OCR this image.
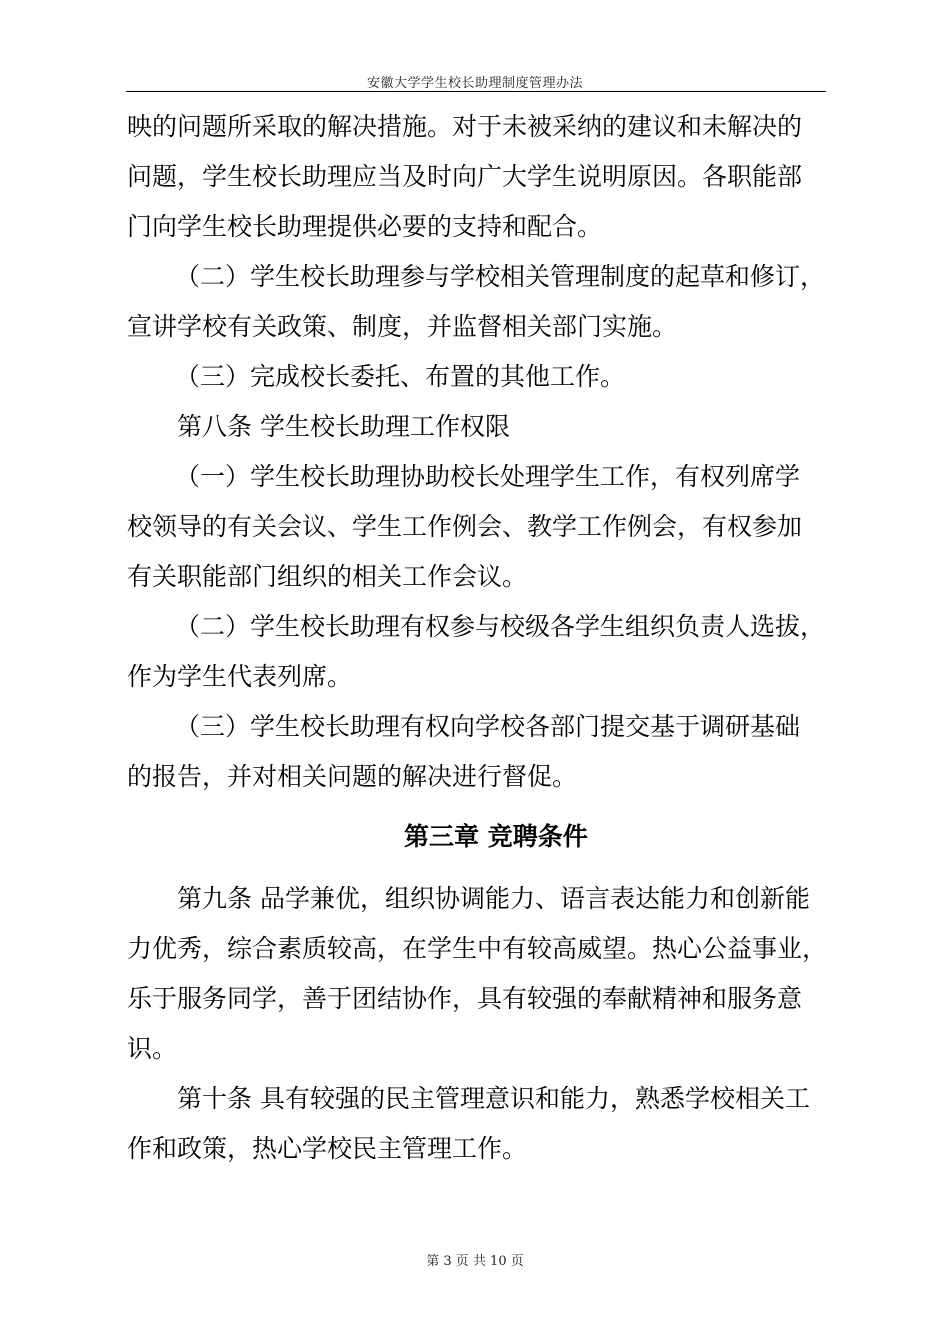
安徽大学学生校长助理制度管理办法
映的问题所采取的解决措施。对于未被采纳的建议和未解决的
问题，学生校长助理应当及时向广大学生说明原因。各职能部
门向学生校长助理提供必要的支持和配合。
（二）学生校长助理参与学校相关管理制度的起草和修订，
宣讲学校有关政策、制度，并监督相关部门实施。
（三）完成校长委托、布置的其他工作。
第八条 学生校长助理工作权限
（一）学生校长助理协助校长处理学生工作，有权列席学
校领导的有关会议、学生工作例会、教学工作例会，有权参加
有关职能部门组织的相关工作会议。
（二）学生校长助理有权参与校级各学生组织负责人选拔，
作为学生代表列席。
（三）学生校长助理有权向学校各部门提交基于调研基础
的报告，并对相关问题的解决进行督促。
第三章 竞聘条件
第九条 品学兼优，组织协调能力、语言表达能力和创新能
力优秀，综合素质较高，在学生中有较高威望。热心公益事业，
乐于服务同学，善于团结协作，具有较强的奉献精神和服务意
识。
第十条 具有较强的民主管理意识和能力，熟悉学校相关工
作和政策，热心学校民主管理工作。
第 3 页 共 10 页
